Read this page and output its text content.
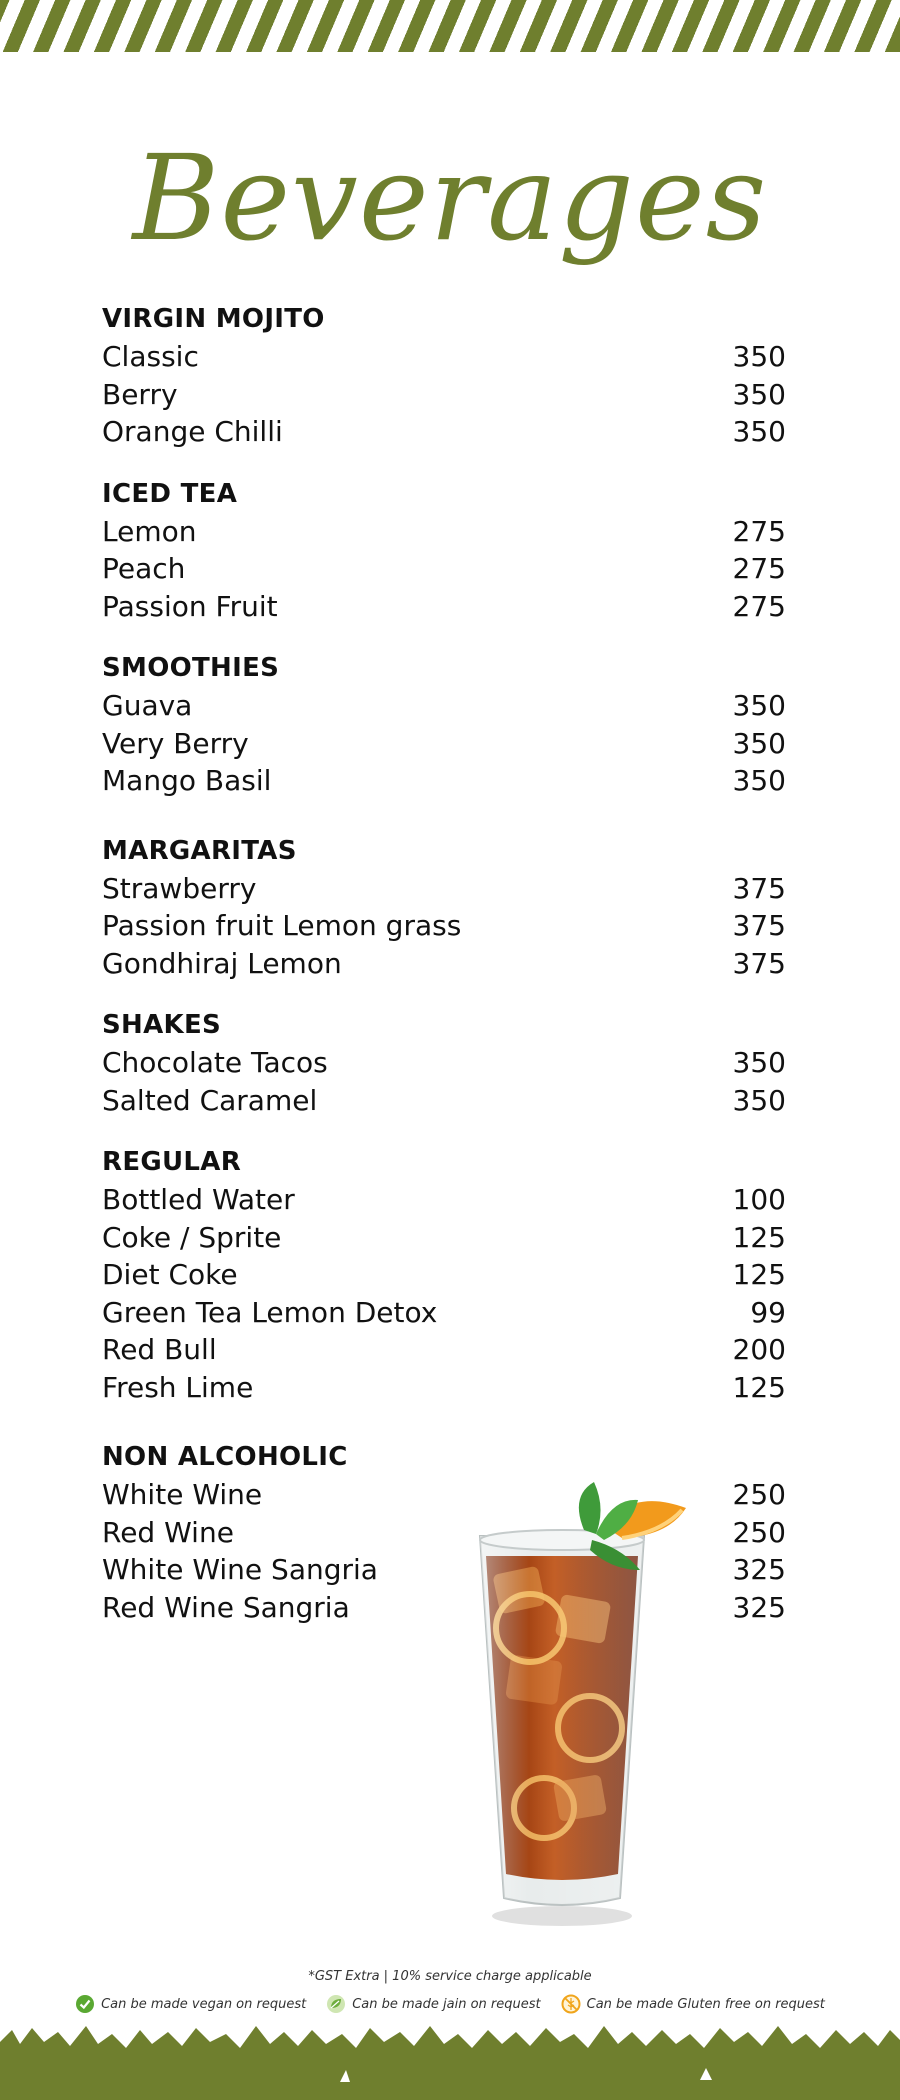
Beverages
VIRGIN MOJITO
Classic	350
Berry	350
Orange Chilli	350
ICED TEA
Lemon	275
Peach	275
Passion Fruit	275
SMOOTHIES
Guava	350
Very Berry	350
Mango Basil	350
MARGARITAS
Strawberry	375
Passion fruit Lemon grass	375
Gondhiraj Lemon	375
SHAKES
Chocolate Tacos	350
Salted Caramel	350
REGULAR
Bottled Water	100
Coke / Sprite	125
Diet Coke	125
Green Tea Lemon Detox	99
Red Bull	200
Fresh Lime	125
NON ALCOHOLIC
White Wine	250
Red Wine	250
White Wine Sangria	325
Red Wine Sangria	325
*GST Extra | 10% service charge applicable
Can be made vegan on request	Can be made jain on request	Can be made Gluten free on request
